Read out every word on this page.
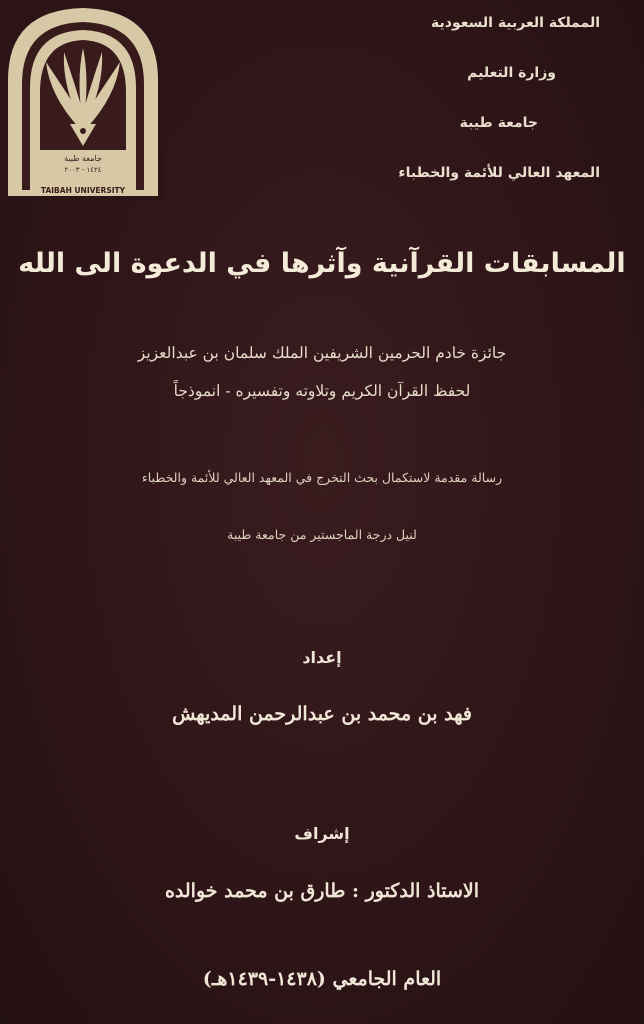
جامعة طيبة
١٤٢٤ - ٢٠٠٣
TAIBAH UNIVERSITY
المملكة العربية السعودية
وزارة التعليم
جامعة طيبة
المعهد العالي للأئمة والخطباء
المسابقات القرآنية وآثرها في الدعوة الى الله
جائزة خادم الحرمين الشريفين الملك سلمان بن عبدالعزيز
لحفظ القرآن الكريم وتلاوته وتفسيره - انموذجاً
رسالة مقدمة لاستكمال بحث التخرج في المعهد العالي للأئمة والخطباء
لنيل درجة الماجستير من جامعة طيبة
إعداد
فهد بن محمد بن عبدالرحمن المديهش
إشراف
الاستاذ الدكتور : طارق بن محمد خوالده
العام الجامعي (١٤٣٨-١٤٣٩هـ)
